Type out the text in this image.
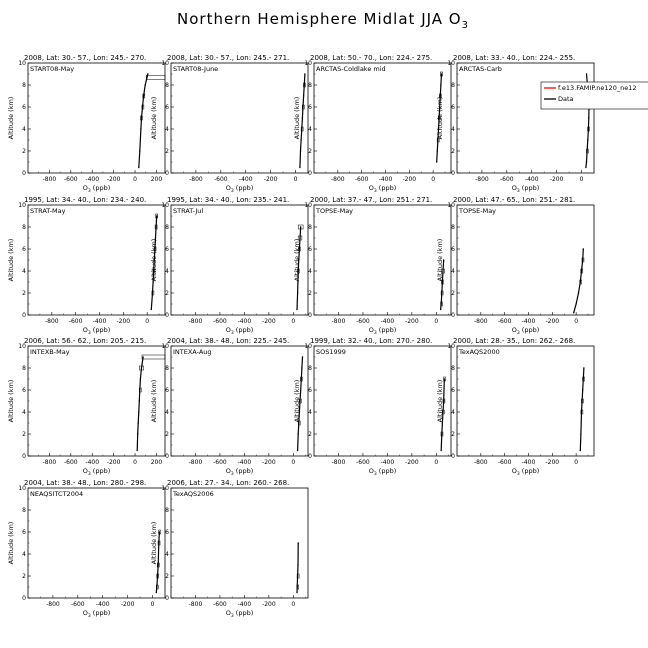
Northern Hemisphere Midlat JJA $O_3$
2008, Lat: 30.- 57., Lon: 245.- 270.
START08-May
0
2
4
6
8
10
-800 -600 -400 -200 0 200
$O_3$ (ppb)
Altitude (km)
2008, Lat: 30.- 57., Lon: 245.- 271.
START08-June
0
2
4
6
8
10
-800 -600 -400 -200	0
$O_3$ (ppb)
Altitude (km)
2008, Lat: 50.- 70., Lon: 224.- 275.
ARCTAS-Coldlake mid
0
2
4
6
8
10
-800 -600 -400 -200	0
$O_3$ (ppb)
Altitude (km)
2008, Lat: 33.- 40., Lon: 224.- 255.
ARCTAS-Carb
0
2
4
6
8
10
-800 -600 -400 -200	0
$O_3$ (ppb)
Altitude (km)
f.e13.FAMIP.ne120_ne12
Data
1995, Lat: 34.- 40., Lon: 234.- 240.
STRAT-May
0
2
4
6
8
10
-800 -600 -400 -200	0
$O_3$ (ppb)
Altitude (km)
1995, Lat: 34.- 40., Lon: 235.- 241.
STRAT-Jul
0
2
4
6
8
10
-800 -600 -400 -200	0
$O_3$ (ppb)
Altitude (km)
2000, Lat: 37.- 47., Lon: 251.- 271.
TOPSE-May
0
2
4
6
8
10
-800 -600 -400 -200	0
$O_3$ (ppb)
Altitude (km)
2000, Lat: 47.- 65., Lon: 251.- 281.
TOPSE-May
0
2
4
6
8
10
-800 -600 -400 -200	0
$O_3$ (ppb)
Altitude (km)
2006, Lat: 56.- 62., Lon: 205.- 215.
INTEXB-May
0
2
4
6
8
10
-800 -600 -400 -200 0 200
$O_3$ (ppb)
Altitude (km)
2004, Lat: 38.- 48., Lon: 225.- 245.
INTEXA-Aug
0
2
4
6
8
10
-800 -600 -400 -200	0
$O_3$ (ppb)
Altitude (km)
1999, Lat: 32.- 40., Lon: 270.- 280.
SOS1999
0
2
4
6
8
10
-800 -600 -400 -200	0
$O_3$ (ppb)
Altitude (km)
2000, Lat: 28.- 35., Lon: 262.- 268.
TexAQS2000
0
2
4
6
8
10
-800 -600 -400 -200	0
$O_3$ (ppb)
Altitude (km)
2004, Lat: 38.- 48., Lon: 280.- 298.
NEAQSITCT2004
0
2
4
6
8
10
-800 -600 -400 -200	0
$O_3$ (ppb)
Altitude (km)
2006, Lat: 27.- 34., Lon: 260.- 268.
TexAQS2006
0
2
4
6
8
10
-800 -600 -400 -200	0
$O_3$ (ppb)
Altitude (km)
